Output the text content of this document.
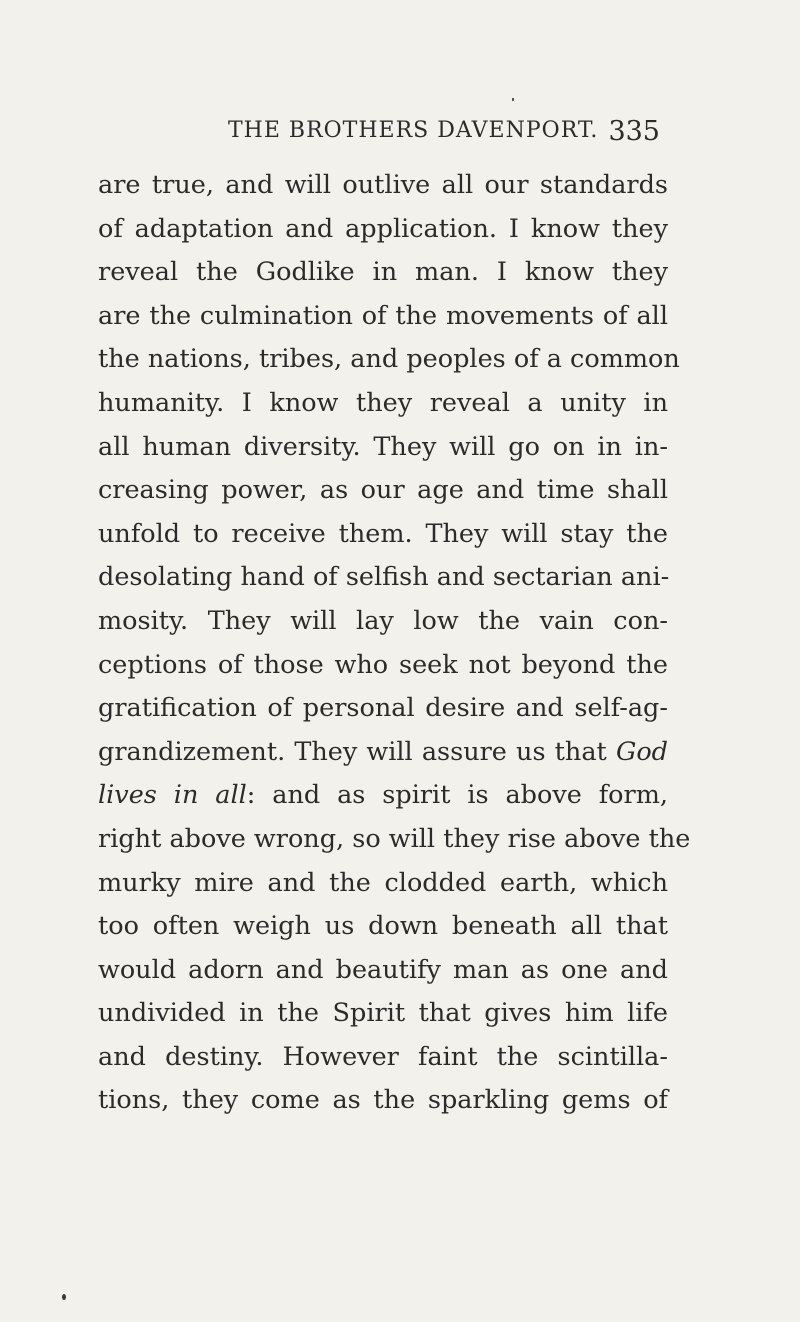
THE BROTHERS DAVENPORT. 335
are true, and will outlive all our standards
of adaptation and application. I know they
reveal the Godlike in man. I know they
are the culmination of the movements of all
the nations, tribes, and peoples of a common
humanity. I know they reveal a unity in
all human diversity. They will go on in in-
creasing power, as our age and time shall
unfold to receive them. They will stay the
desolating hand of selfish and sectarian ani-
mosity. They will lay low the vain con-
ceptions of those who seek not beyond the
gratification of personal desire and self-ag-
grandizement. They will assure us that God
lives in all: and as spirit is above form,
right above wrong, so will they rise above the
murky mire and the clodded earth, which
too often weigh us down beneath all that
would adorn and beautify man as one and
undivided in the Spirit that gives him life
and destiny. However faint the scintilla-
tions, they come as the sparkling gems of
